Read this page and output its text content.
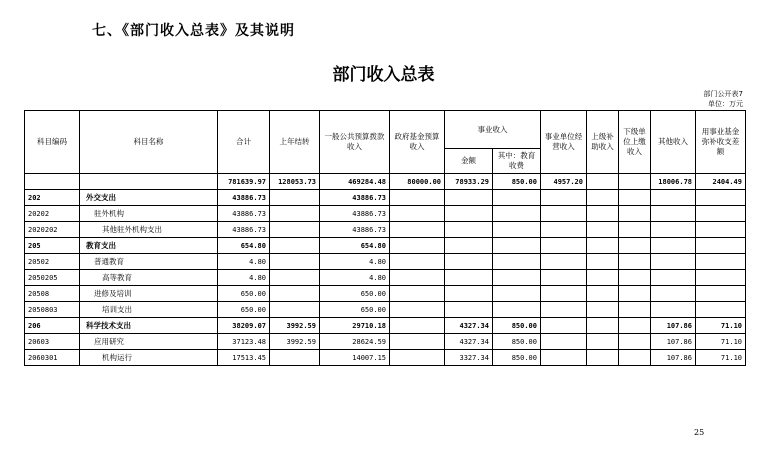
七、《部门收入总表》及其说明
部门收入总表
部门公开表7
单位：万元
科目编码	科目名称	合计	上年结转	一般公共预算拨款收入	政府基金预算收入	事业收入		事业单位经营收入	上级补助收入	下级单位上缴收入	其他收入	用事业基金弥补收支差额
						金额	其中：教育收费					
		781639.97	128053.73	469284.48	80000.00	78933.29	850.00	4957.20			18006.78	2404.49
202	外交支出	43886.73		43886.73								
20202	驻外机构	43886.73		43886.73								
2020202	其他驻外机构支出	43886.73		43886.73								
205	教育支出	654.80		654.80								
20502	普通教育	4.80		4.80								
2050205	高等教育	4.80		4.80								
20508	进修及培训	650.00		650.00								
2050803	培训支出	650.00		650.00								
206	科学技术支出	38209.07	3992.59	29710.18		4327.34	850.00				107.86	71.10
20603	应用研究	37123.48	3992.59	28624.59		4327.34	850.00				107.86	71.10
2060301	机构运行	17513.45		14007.15		3327.34	850.00				107.86	71.10
25
